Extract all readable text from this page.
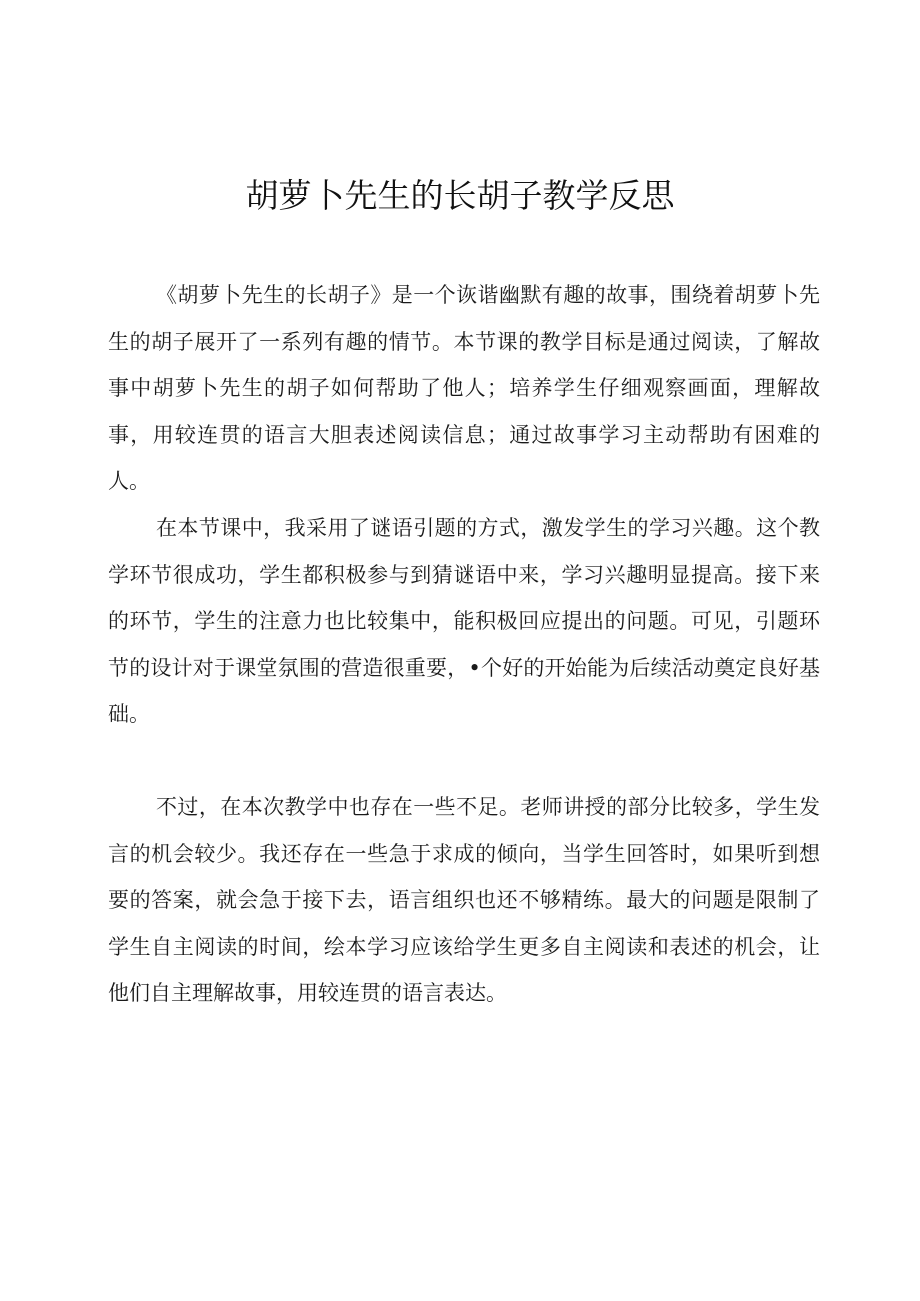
胡萝卜先生的长胡子教学反思

《胡萝卜先生的长胡子》是一个诙谐幽默有趣的故事，围绕着胡萝卜先生的胡子展开了一系列有趣的情节。本节课的教学目标是通过阅读，了解故事中胡萝卜先生的胡子如何帮助了他人；培养学生仔细观察画面，理解故事，用较连贯的语言大胆表述阅读信息；通过故事学习主动帮助有困难的人。

在本节课中，我采用了谜语引题的方式，激发学生的学习兴趣。这个教学环节很成功，学生都积极参与到猜谜语中来，学习兴趣明显提高。接下来的环节，学生的注意力也比较集中，能积极回应提出的问题。可见，引题环节的设计对于课堂氛围的营造很重要，•个好的开始能为后续活动奠定良好基础。

不过，在本次教学中也存在一些不足。老师讲授的部分比较多，学生发言的机会较少。我还存在一些急于求成的倾向，当学生回答时，如果听到想要的答案，就会急于接下去，语言组织也还不够精练。最大的问题是限制了学生自主阅读的时间，绘本学习应该给学生更多自主阅读和表述的机会，让他们自主理解故事，用较连贯的语言表达。
